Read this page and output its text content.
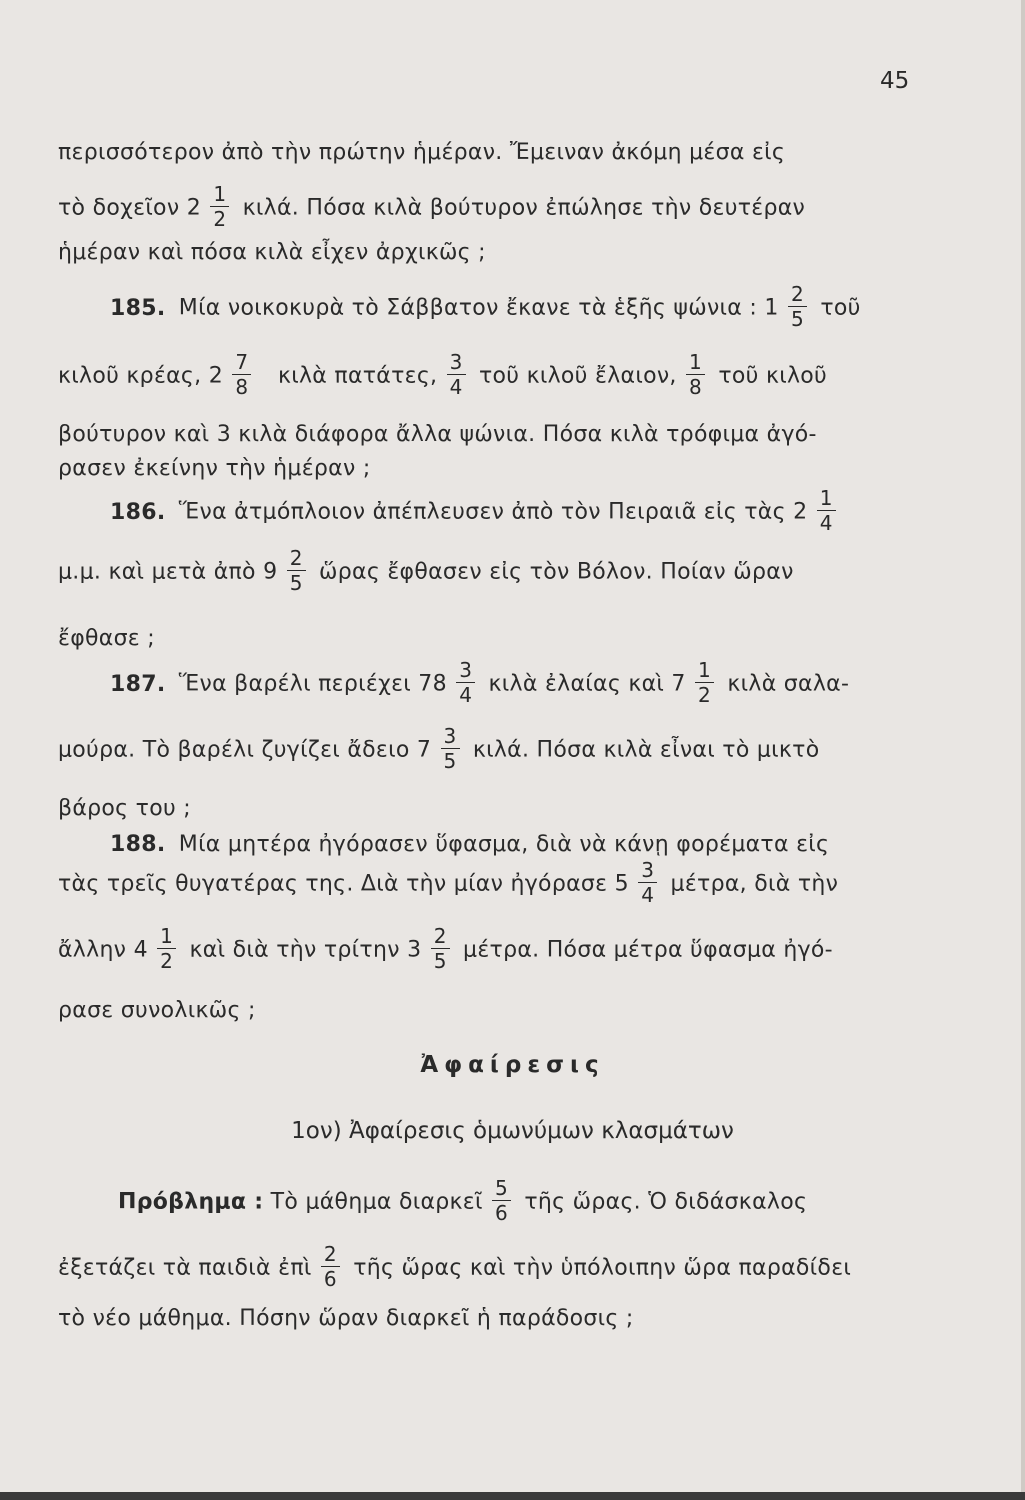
45
περισσότερον ἀπὸ τὴν πρώτην ἡμέραν. Ἔμειναν ἀκόμη μέσα εἰς
τὸ δοχεῖον $2 \frac{1}{2} \kappa\iota\lambda ά$. Πόσα κιλὰ βούτυρον ἐπώλησε τὴν δευτέραν
ἡμέραν καὶ πόσα κιλὰ εἶχεν ἀρχικῶς ;
185. Μία νοικοκυρὰ τὸ Σάββατον ἔκανε τὰ ἑξῆς ψώνια : $1 \frac{2}{5}$ τοῦ
κιλοῦ κρέας, $2 \frac{7}{8}$ κιλὰ πατάτες, $\frac{3}{4}$ τοῦ κιλοῦ ἔλαιον, $\frac{1}{8}$ τοῦ κιλοῦ
βούτυρον καὶ 3 κιλὰ διάφορα ἄλλα ψώνια. Πόσα κιλὰ τρόφιμα ἀγό-
ρασεν ἐκείνην τὴν ἡμέραν ;
186. Ἕνα ἀτμόπλοιον ἀπέπλευσεν ἀπὸ τὸν Πειραιᾶ εἰς τὰς $2 \frac{1}{4}$
μ.μ. καὶ μετὰ ἀπὸ $9 \frac{2}{5}$ ὥρας ἔφθασεν εἰς τὸν Βόλον. Ποίαν ὥραν
ἔφθασε ;
187. Ἕνα βαρέλι περιέχει $78 \frac{3}{4}$ κιλὰ ἐλαίας καὶ $7 \frac{1}{2}$ κιλὰ σαλα-
μούρα. Τὸ βαρέλι ζυγίζει ἄδειο $7 \frac{3}{5} \kappa\iota\lambda ά$. Πόσα κιλὰ εἶναι τὸ μικτὸ
βάρος του ;
188. Μία μητέρα ἠγόρασεν ὕφασμα, διὰ νὰ κάνῃ φορέματα εἰς
τὰς τρεῖς θυγατέρας της. Διὰ τὴν μίαν ἠγόρασε $5 \frac{3}{4} \mu έ\tau\rho\alpha$, διὰ τὴν
ἄλλην $4 \frac{1}{2}$ καὶ διὰ τὴν τρίτην $3 \frac{2}{5} \mu έ\tau\rho\alpha$. Πόσα μέτρα ὕφασμα ἠγό-
ρασε συνολικῶς ;
Ἀφαίρεσις
1ον) Ἀφαίρεσις ὁμωνύμων κλασμάτων
Πρόβλημα : Τὸ μάθημα διαρκεῖ $\frac{5}{6}$ τῆς ὥρας. Ὁ διδάσκαλος
ἐξετάζει τὰ παιδιὰ ἐπὶ $\frac{2}{6}$ τῆς ὥρας καὶ τὴν ὑπόλοιπην ὥρα παραδίδει
τὸ νέο μάθημα. Πόσην ὥραν διαρκεῖ ἡ παράδοσις ;
